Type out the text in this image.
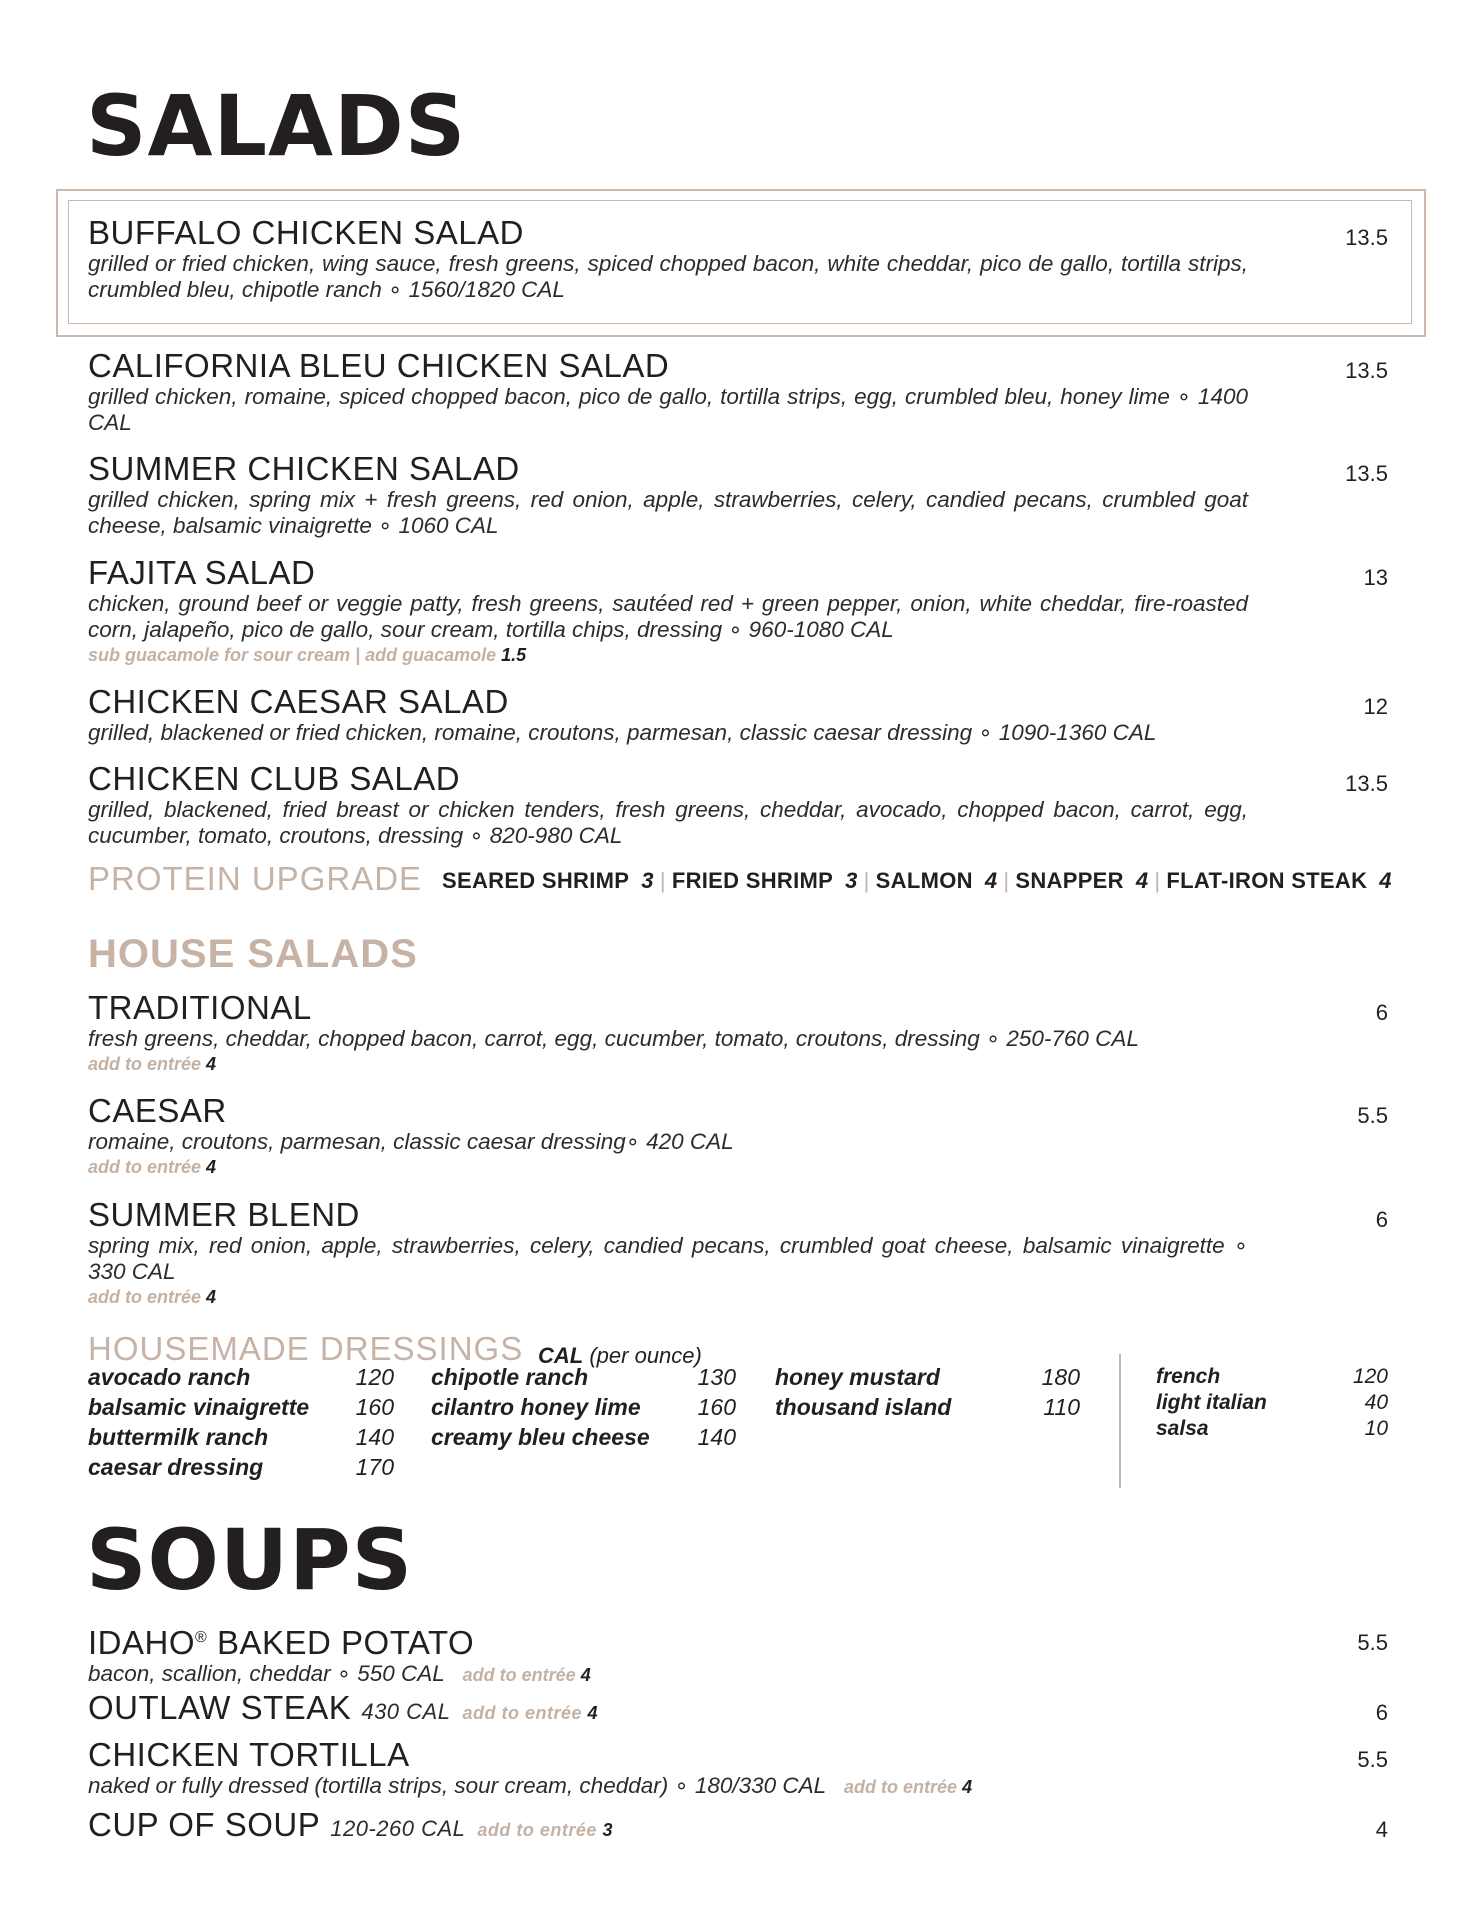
SALADS
BUFFALO CHICKEN SALAD
grilled or fried chicken, wing sauce, fresh greens, spiced chopped bacon, white cheddar, pico de gallo, tortilla strips, crumbled bleu, chipotle ranch ∘ 1560/1820 CAL
13.5
CALIFORNIA BLEU CHICKEN SALAD
grilled chicken, romaine, spiced chopped bacon, pico de gallo, tortilla strips, egg, crumbled bleu, honey lime ∘ 1400 CAL
13.5
SUMMER CHICKEN SALAD
grilled chicken, spring mix + fresh greens, red onion, apple, strawberries, celery, candied pecans, crumbled goat cheese, balsamic vinaigrette ∘ 1060 CAL
13.5
FAJITA SALAD
chicken, ground beef or veggie patty, fresh greens, sautéed red + green pepper, onion, white cheddar, fire-roasted corn, jalapeño, pico de gallo, sour cream, tortilla chips, dressing ∘ 960-1080 CAL
sub guacamole for sour cream | add guacamole 1.5
13
CHICKEN CAESAR SALAD
grilled, blackened or fried chicken, romaine, croutons, parmesan, classic caesar dressing ∘ 1090-1360 CAL
12
CHICKEN CLUB SALAD
grilled, blackened, fried breast or chicken tenders, fresh greens, cheddar, avocado, chopped bacon, carrot, egg, cucumber, tomato, croutons, dressing ∘ 820-980 CAL
13.5
PROTEIN UPGRADE SEARED SHRIMP 3 | FRIED SHRIMP 3 | SALMON 4 | SNAPPER 4 | FLAT-IRON STEAK 4
HOUSE SALADS
TRADITIONAL
fresh greens, cheddar, chopped bacon, carrot, egg, cucumber, tomato, croutons, dressing ∘ 250-760 CAL
add to entrée 4
6
CAESAR
romaine, croutons, parmesan, classic caesar dressing∘ 420 CAL
add to entrée 4
5.5
SUMMER BLEND
spring mix, red onion, apple, strawberries, celery, candied pecans, crumbled goat cheese, balsamic vinaigrette ∘ 330 CAL
add to entrée 4
6
HOUSEMADE DRESSINGS CAL (per ounce)
avocado ranch	120
balsamic vinaigrette 160
buttermilk ranch	140
caesar dressing	170
chipotle ranch	130
cilantro honey lime 160
creamy bleu cheese 140
honey mustard	180
thousand island	110
french	120
light italian	40
salsa	10
SOUPS
IDAHO® BAKED POTATO
bacon, scallion, cheddar ∘ 550 CAL add to entrée 4
5.5
OUTLAW STEAK 430 CAL add to entrée 4	6
CHICKEN TORTILLA
naked or fully dressed (tortilla strips, sour cream, cheddar) ∘ 180/330 CAL add to entrée 4
5.5
CUP OF SOUP 120-260 CAL add to entrée 3	4
